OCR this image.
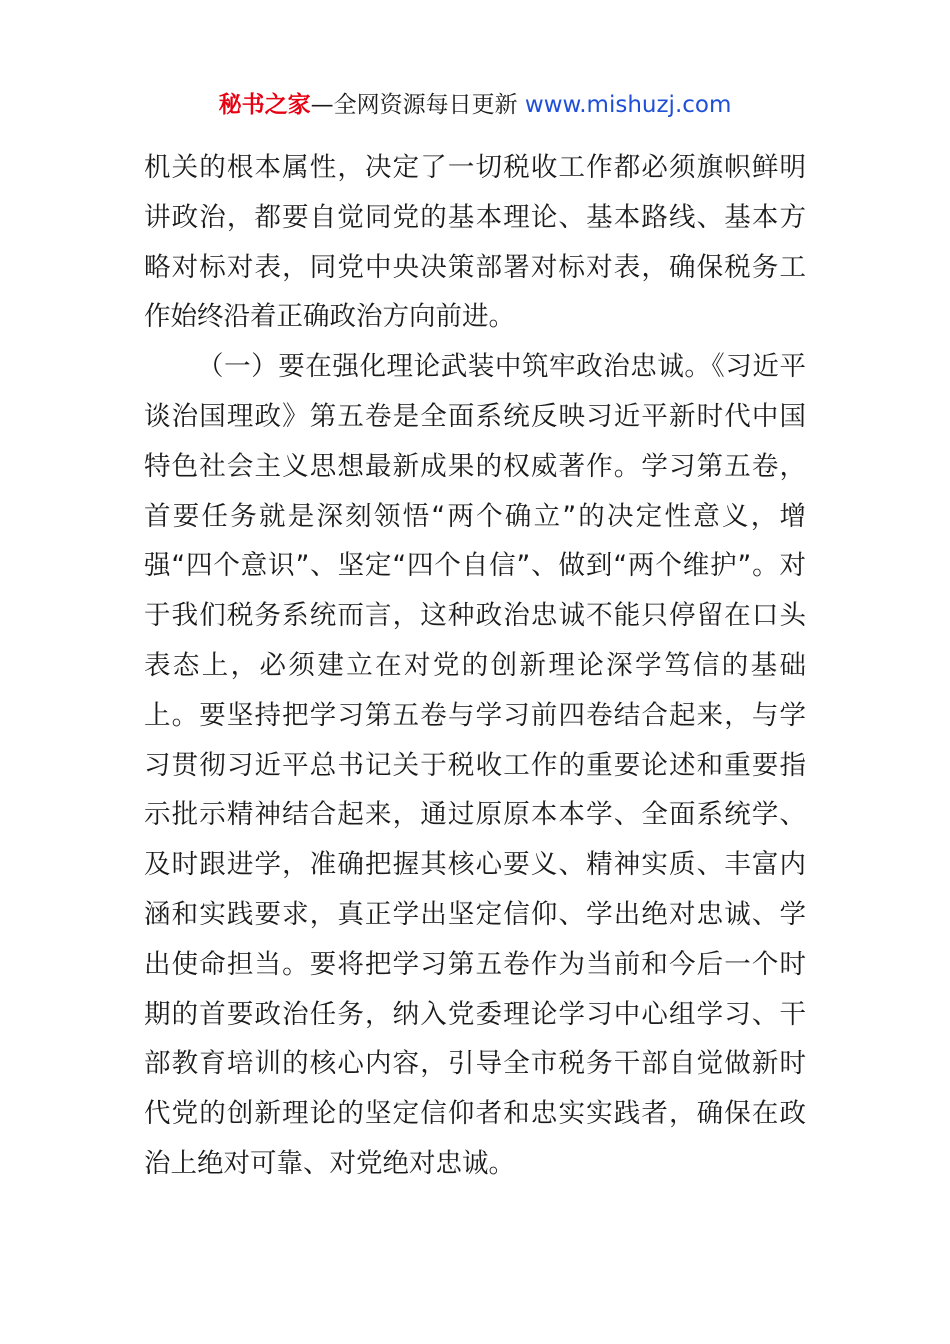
秘书之家—全网资源每日更新 www.mishuzj.com

机关的根本属性，决定了一切税收工作都必须旗帜鲜明讲政治，都要自觉同党的基本理论、基本路线、基本方略对标对表，同党中央决策部署对标对表，确保税务工作始终沿着正确政治方向前进。

（一）要在强化理论武装中筑牢政治忠诚。《习近平谈治国理政》第五卷是全面系统反映习近平新时代中国特色社会主义思想最新成果的权威著作。学习第五卷，首要任务就是深刻领悟“两个确立”的决定性意义，增强“四个意识”、坚定“四个自信”、做到“两个维护”。对于我们税务系统而言，这种政治忠诚不能只停留在口头表态上，必须建立在对党的创新理论深学笃信的基础上。要坚持把学习第五卷与学习前四卷结合起来，与学习贯彻习近平总书记关于税收工作的重要论述和重要指示批示精神结合起来，通过原原本本学、全面系统学、及时跟进学，准确把握其核心要义、精神实质、丰富内涵和实践要求，真正学出坚定信仰、学出绝对忠诚、学出使命担当。要将把学习第五卷作为当前和今后一个时期的首要政治任务，纳入党委理论学习中心组学习、干部教育培训的核心内容，引导全市税务干部自觉做新时代党的创新理论的坚定信仰者和忠实实践者，确保在政治上绝对可靠、对党绝对忠诚。
